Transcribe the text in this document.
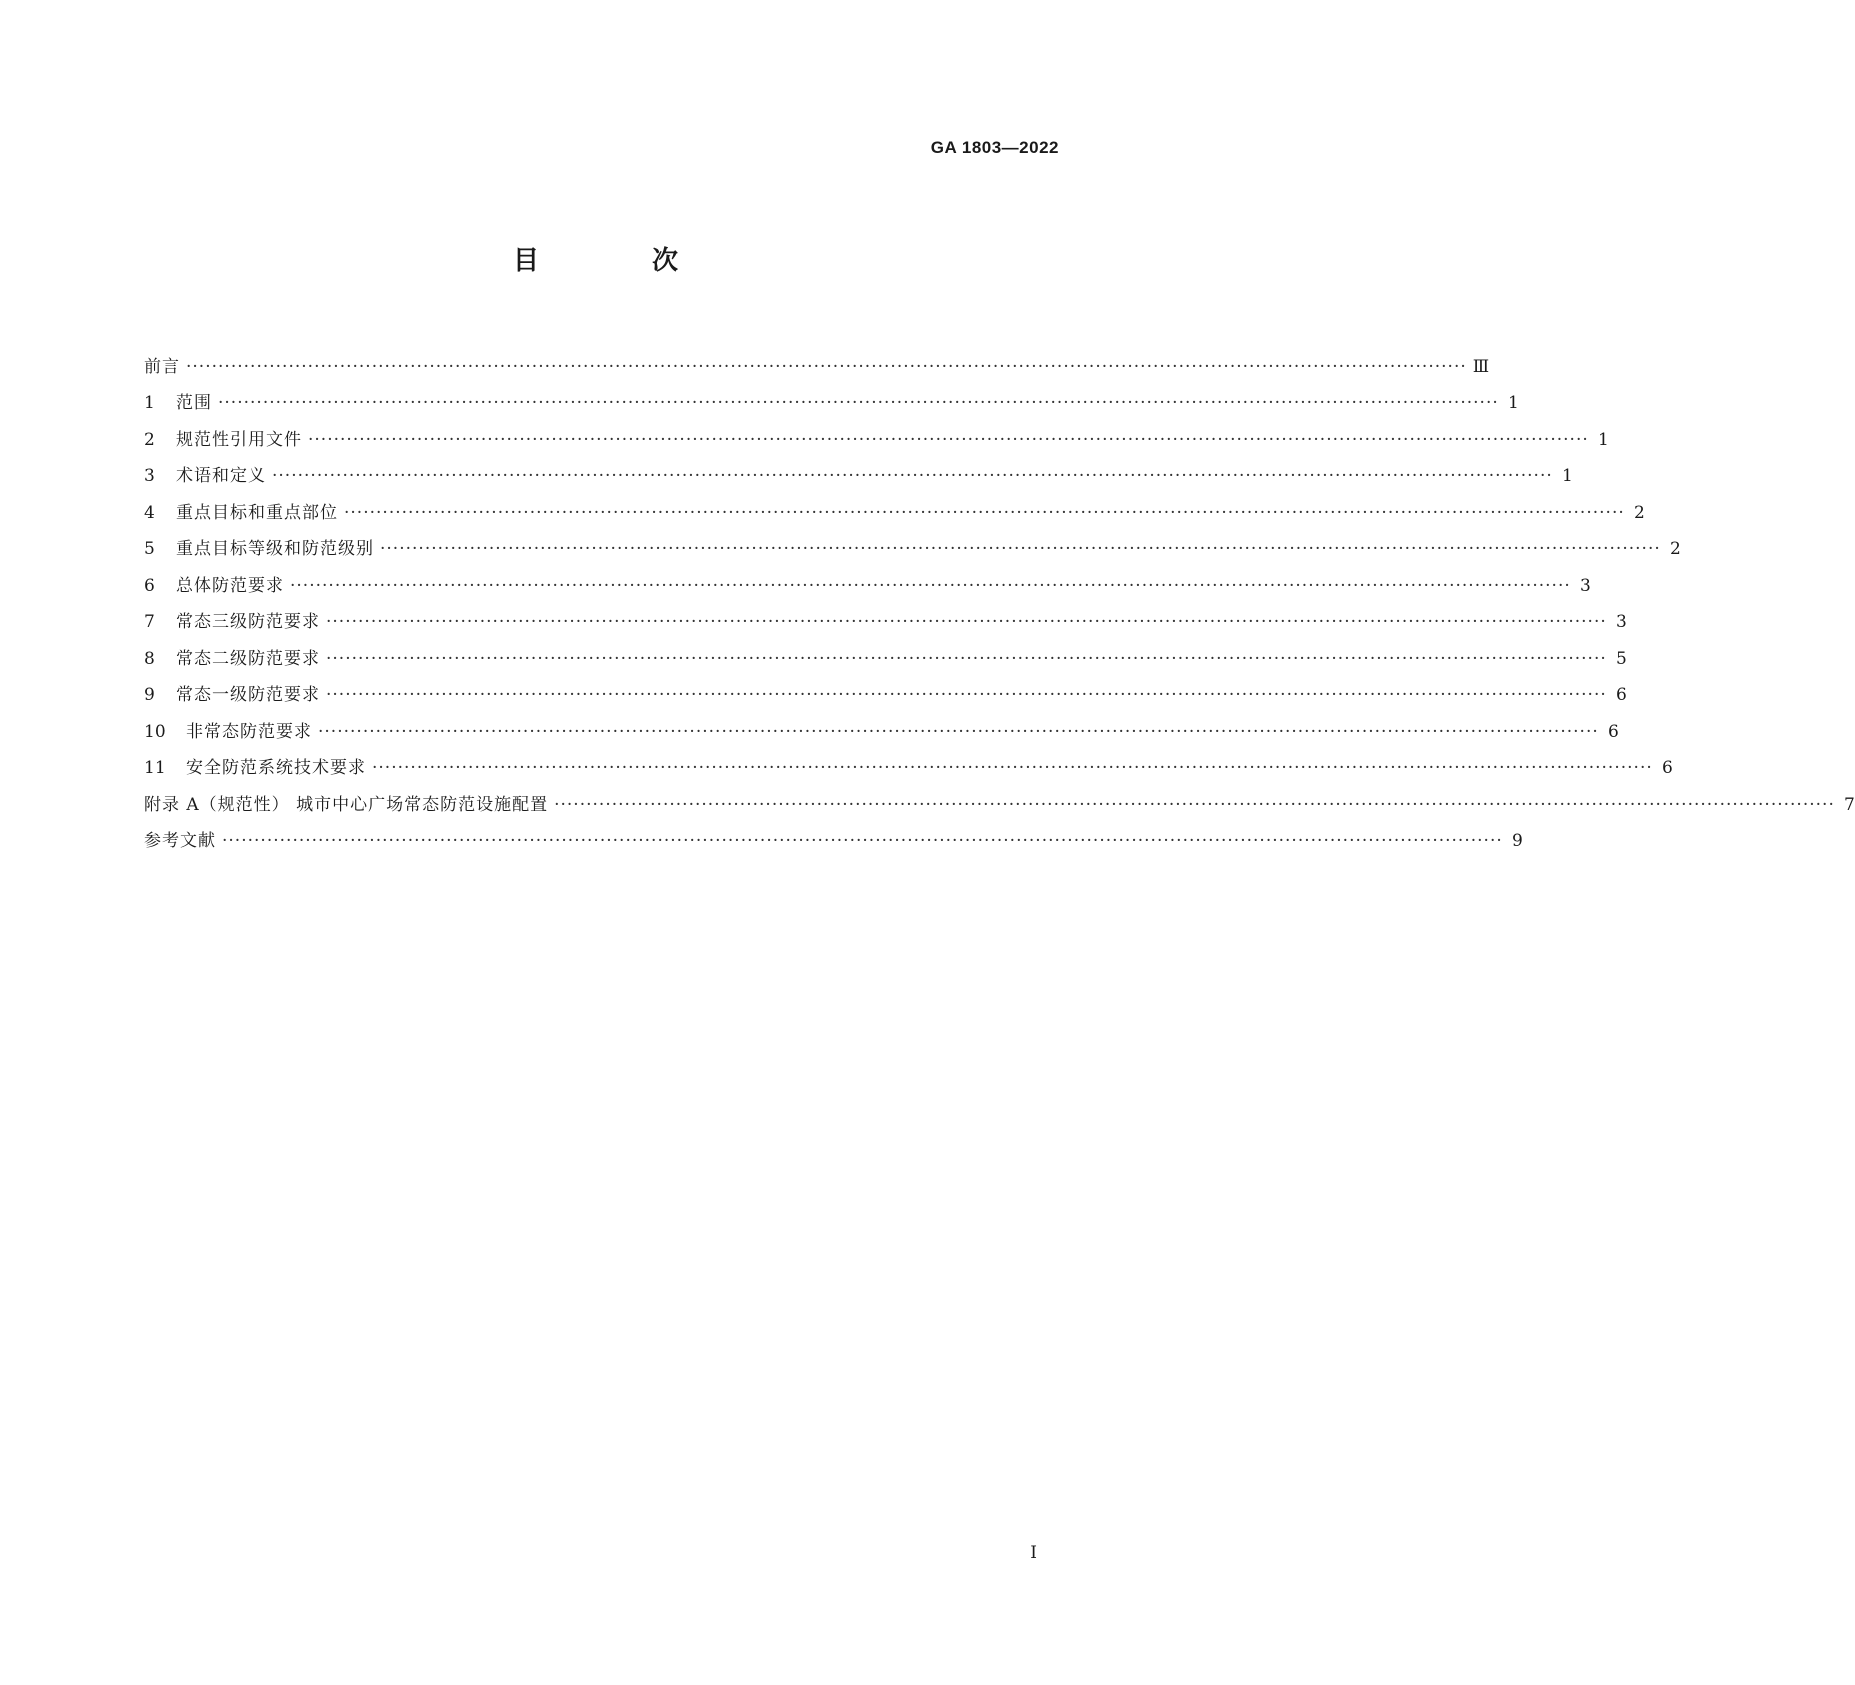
GA 1803—2022
目 次
前言 ········································································································································································································ Ⅲ
1	范围 ········································································································································································································ 1
2	规范性引用文件 ········································································································································································································ 1
3	术语和定义 ········································································································································································································ 1
4	重点目标和重点部位 ········································································································································································································ 2
5	重点目标等级和防范级别 ········································································································································································································ 2
6	总体防范要求 ········································································································································································································ 3
7	常态三级防范要求 ········································································································································································································ 3
8	常态二级防范要求 ········································································································································································································ 5
9	常态一级防范要求 ········································································································································································································ 6
10	非常态防范要求 ········································································································································································································ 6
11	安全防范系统技术要求 ········································································································································································································ 6
附录 A（规范性） 城市中心广场常态防范设施配置 ········································································································································································································ 7
参考文献 ········································································································································································································ 9
I
